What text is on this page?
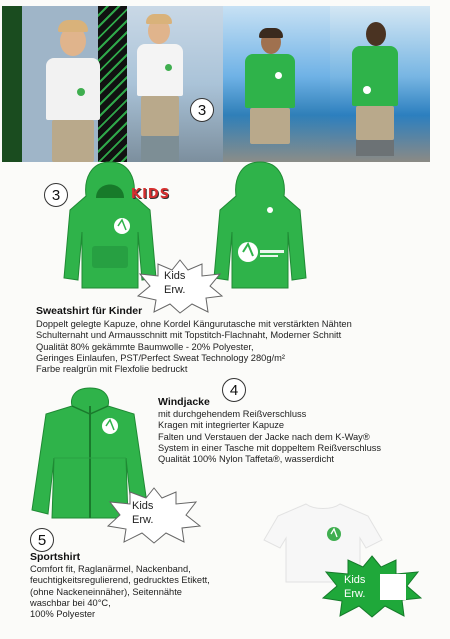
3
3	KIDS
Kids
Erw.
Sweatshirt für Kinder
Doppelt gelegte Kapuze, ohne Kordel Kängurutasche mit verstärkten Nähten
Schulternaht und Armausschnitt mit Topstitch-Flachnaht, Moderner Schnitt
Qualität 80% gekämmte Baumwolle - 20% Polyester,
Geringes Einlaufen, PST/Perfect Sweat Technology 280g/m²
Farbe realgrün mit Flexfolie bedruckt
4
Windjacke
mit durchgehendem Reißverschluss
Kragen mit integrierter Kapuze
Falten und Verstauen der Jacke nach dem K-Way®
System in einer Tasche mit doppeltem Reißverschluss
Qualität 100% Nylon Taffeta®, wasserdicht
Kids
Erw.
5
Sportshirt
Comfort fit, Raglanärmel, Nackenband,
feuchtigkeitsregulierend, gedrucktes Etikett,
(ohne Nackeneinnäher), Seitennähte
waschbar bei 40°C,
100% Polyester
Kids
Erw.
